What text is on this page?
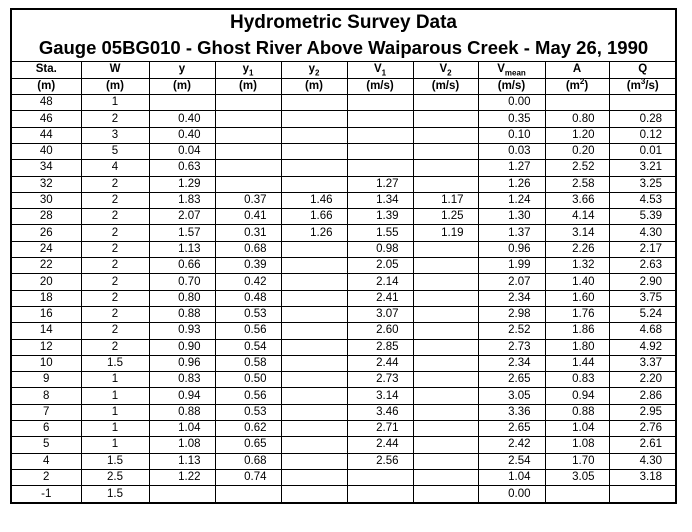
Hydrometric Survey Data
Gauge 05BG010 - Ghost River Above Waiparous Creek - May 26, 1990
Sta.	W	y	$y_1$	$y_2$	$V_1$	$V_2$	$V_{mean}$	A	Q
(m)	(m)	(m)	(m)	(m)	(m/s)	(m/s)	(m/s)	$(m^2)$	$(m^3/s)$
48	1						0.00		
46	2	0.40					0.35	0.80	0.28
44	3	0.40					0.10	1.20	0.12
40	5	0.04					0.03	0.20	0.01
34	4	0.63					1.27	2.52	3.21
32	2	1.29			1.27		1.26	2.58	3.25
30	2	1.83	0.37	1.46	1.34	1.17	1.24	3.66	4.53
28	2	2.07	0.41	1.66	1.39	1.25	1.30	4.14	5.39
26	2	1.57	0.31	1.26	1.55	1.19	1.37	3.14	4.30
24	2	1.13	0.68		0.98		0.96	2.26	2.17
22	2	0.66	0.39		2.05		1.99	1.32	2.63
20	2	0.70	0.42		2.14		2.07	1.40	2.90
18	2	0.80	0.48		2.41		2.34	1.60	3.75
16	2	0.88	0.53		3.07		2.98	1.76	5.24
14	2	0.93	0.56		2.60		2.52	1.86	4.68
12	2	0.90	0.54		2.85		2.73	1.80	4.92
10	1.5	0.96	0.58		2.44		2.34	1.44	3.37
9	1	0.83	0.50		2.73		2.65	0.83	2.20
8	1	0.94	0.56		3.14		3.05	0.94	2.86
7	1	0.88	0.53		3.46		3.36	0.88	2.95
6	1	1.04	0.62		2.71		2.65	1.04	2.76
5	1	1.08	0.65		2.44		2.42	1.08	2.61
4	1.5	1.13	0.68		2.56		2.54	1.70	4.30
2	2.5	1.22	0.74				1.04	3.05	3.18
-1	1.5						0.00		
